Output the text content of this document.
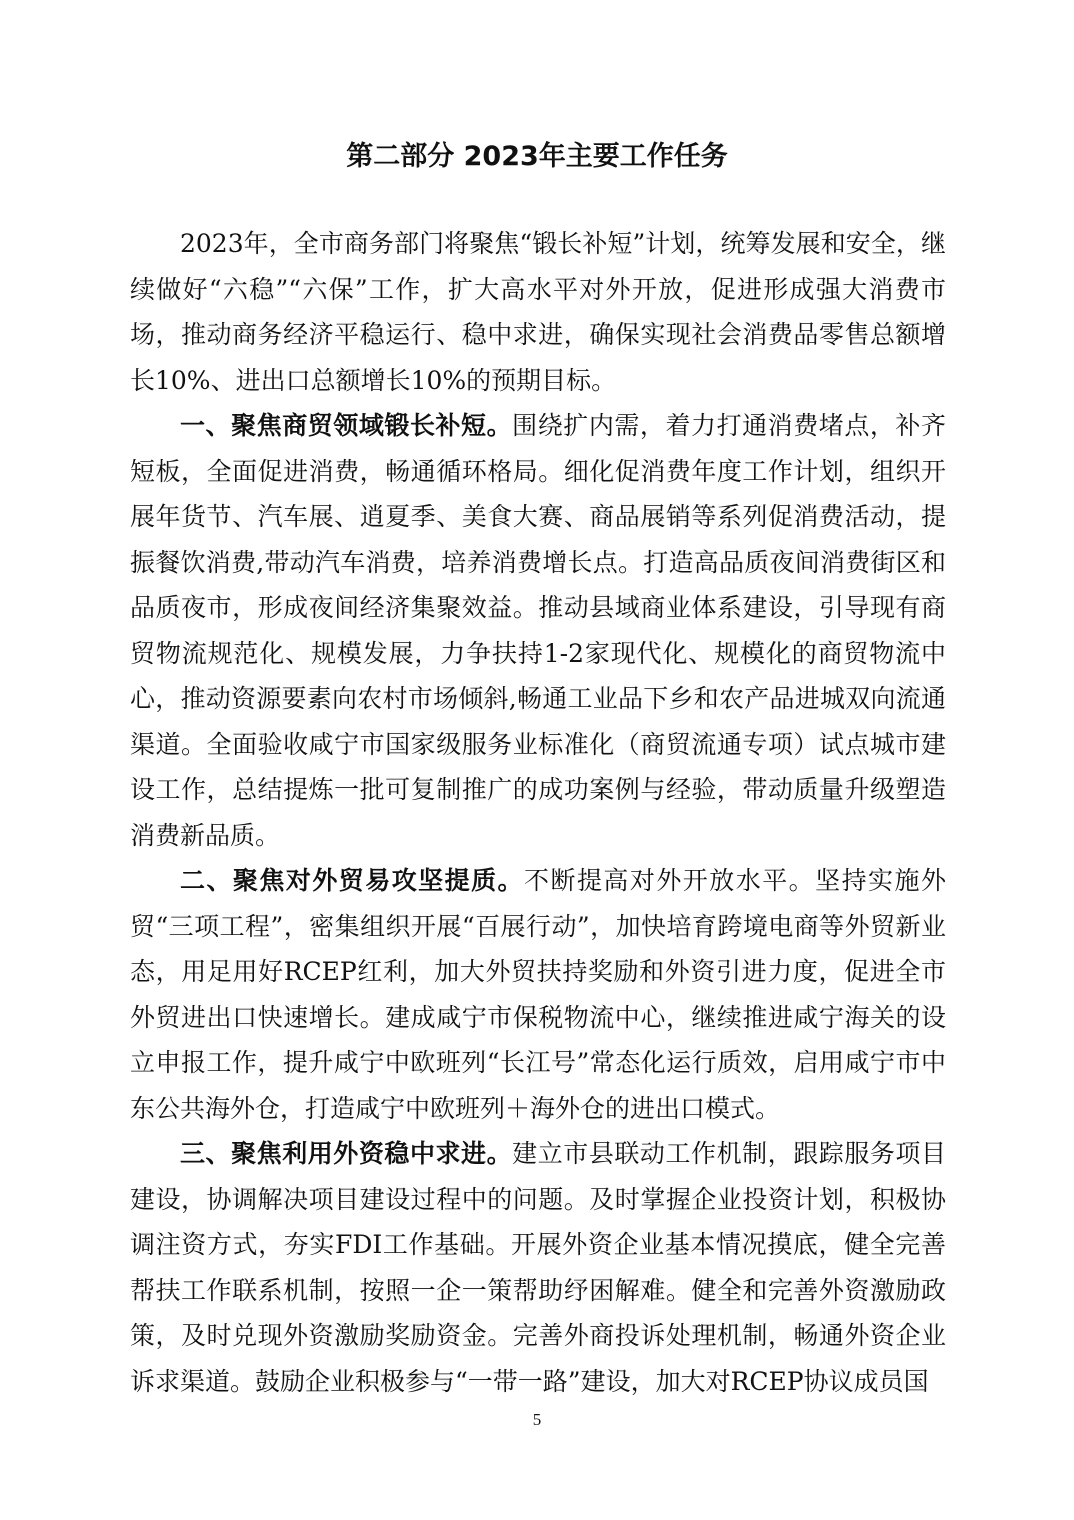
第二部分 2023年主要工作任务

2023年，全市商务部门将聚焦“锻长补短”计划，统筹发展和安全，继续做好“六稳”“六保”工作，扩大高水平对外开放，促进形成强大消费市场，推动商务经济平稳运行、稳中求进，确保实现社会消费品零售总额增长10%、进出口总额增长10%的预期目标。

一、聚焦商贸领域锻长补短。围绕扩内需，着力打通消费堵点，补齐短板，全面促进消费，畅通循环格局。细化促消费年度工作计划，组织开展年货节、汽车展、逍夏季、美食大赛、商品展销等系列促消费活动，提振餐饮消费,带动汽车消费，培养消费增长点。打造高品质夜间消费街区和品质夜市，形成夜间经济集聚效益。推动县域商业体系建设，引导现有商贸物流规范化、规模发展，力争扶持1-2家现代化、规模化的商贸物流中心，推动资源要素向农村市场倾斜,畅通工业品下乡和农产品进城双向流通渠道。全面验收咸宁市国家级服务业标准化（商贸流通专项）试点城市建设工作，总结提炼一批可复制推广的成功案例与经验，带动质量升级塑造消费新品质。

二、聚焦对外贸易攻坚提质。不断提高对外开放水平。坚持实施外贸“三项工程”，密集组织开展“百展行动”，加快培育跨境电商等外贸新业态，用足用好RCEP红利，加大外贸扶持奖励和外资引进力度，促进全市外贸进出口快速增长。建成咸宁市保税物流中心，继续推进咸宁海关的设立申报工作，提升咸宁中欧班列“长江号”常态化运行质效，启用咸宁市中东公共海外仓，打造咸宁中欧班列＋海外仓的进出口模式。

三、聚焦利用外资稳中求进。建立市县联动工作机制，跟踪服务项目建设，协调解决项目建设过程中的问题。及时掌握企业投资计划，积极协调注资方式，夯实FDI工作基础。开展外资企业基本情况摸底，健全完善帮扶工作联系机制，按照一企一策帮助纾困解难。健全和完善外资激励政策，及时兑现外资激励奖励资金。完善外商投诉处理机制，畅通外资企业诉求渠道。鼓励企业积极参与“一带一路”建设，加大对RCEP协议成员国

5
